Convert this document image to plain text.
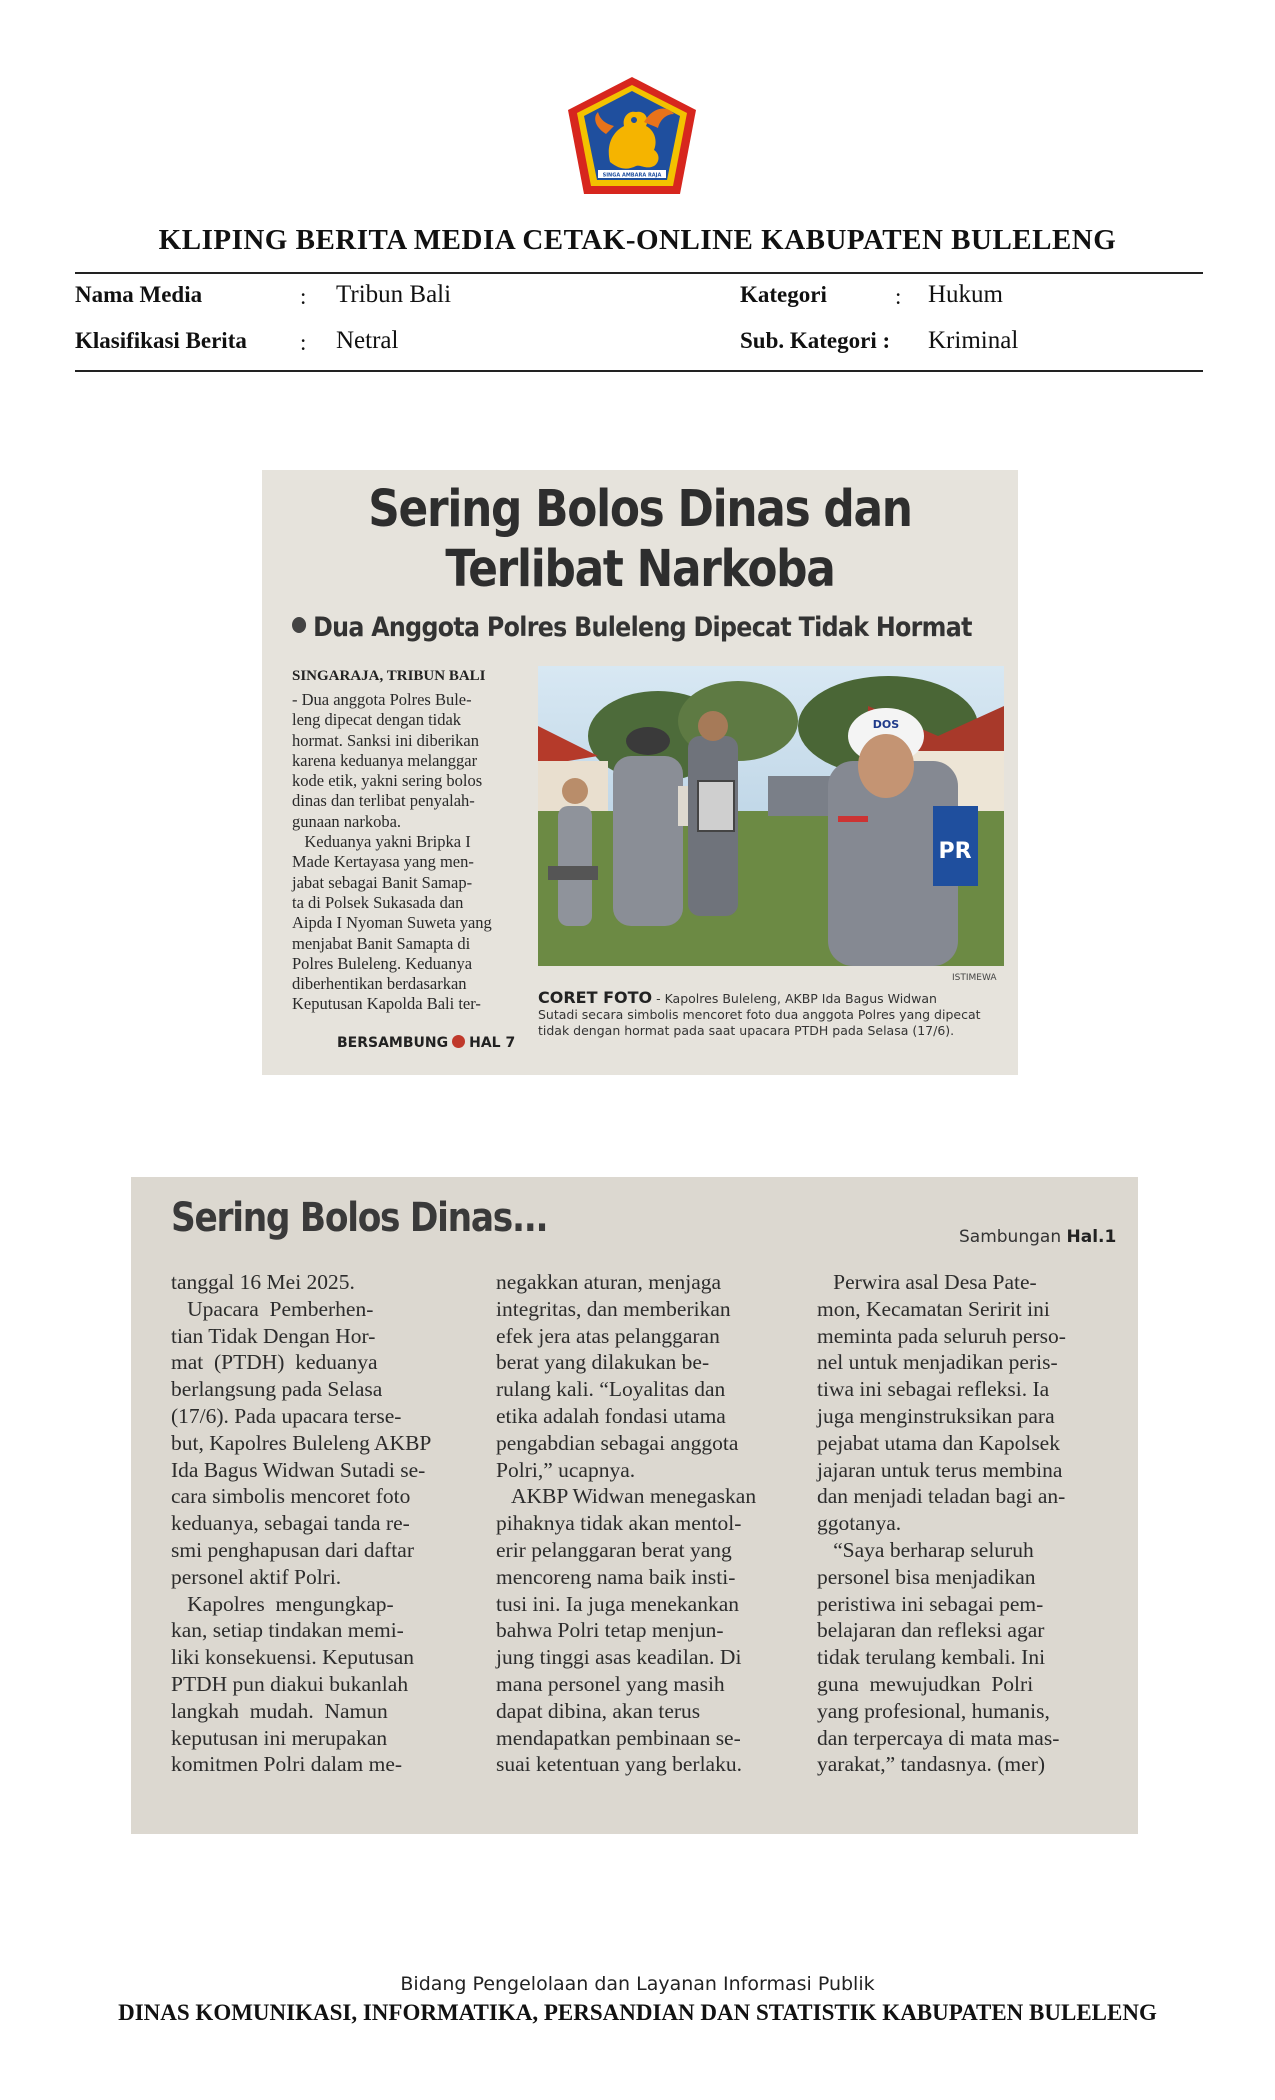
SINGA AMBARA RAJA
KLIPING BERITA MEDIA CETAK-ONLINE KABUPATEN BULELENG
Nama Media	: Tribun Bali	Kategori	: Hukum
Klasifikasi Berita : Netral	Sub. Kategori : Kriminal
Sering Bolos Dinas dan
Terlibat Narkoba
Dua Anggota Polres Buleleng Dipecat Tidak Hormat
SINGARAJA, TRIBUN BALI

- Dua anggota Polres Bule-

leng dipecat dengan tidak

hormat. Sanksi ini diberikan

karena keduanya melanggar

kode etik, yakni sering bolos

dinas dan terlibat penyalah-

gunaan narkoba.

Keduanya yakni Bripka I

Made Kertayasa yang men-

jabat sebagai Banit Samap-

ta di Polsek Sukasada dan

Aipda I Nyoman Suweta yang

menjabat Banit Samapta di

Polres Buleleng. Keduanya

diberhentikan berdasarkan

Keputusan Kapolda Bali ter-

BERSAMBUNG HAL 7
DOS
PR
ISTIMEWA

CORET FOTO - Kapolres Buleleng, AKBP Ida Bagus Widwan

Sutadi secara simbolis mencoret foto dua anggota Polres yang dipecat

tidak dengan hormat pada saat upacara PTDH pada Selasa (17/6).

Sering Bolos Dinas...	Sambungan Hal.1

tanggal 16 Mei 2025.

Upacara  Pemberhen-

tian Tidak Dengan Hor-

mat  (PTDH)  keduanya

berlangsung pada Selasa

(17/6). Pada upacara terse-

but, Kapolres Buleleng AKBP

Ida Bagus Widwan Sutadi se-

cara simbolis mencoret foto

keduanya, sebagai tanda re-

smi penghapusan dari daftar

personel aktif Polri.

Kapolres  mengungkap-

kan, setiap tindakan memi-

liki konsekuensi. Keputusan

PTDH pun diakui bukanlah

langkah  mudah.  Namun

keputusan ini merupakan

komitmen Polri dalam me-

negakkan aturan, menjaga

integritas, dan memberikan

efek jera atas pelanggaran

berat yang dilakukan be-

rulang kali. “Loyalitas dan

etika adalah fondasi utama

pengabdian sebagai anggota

Polri,” ucapnya.

AKBP Widwan menegaskan

pihaknya tidak akan mentol-

erir pelanggaran berat yang

mencoreng nama baik insti-

tusi ini. Ia juga menekankan

bahwa Polri tetap menjun-

jung tinggi asas keadilan. Di

mana personel yang masih

dapat dibina, akan terus

mendapatkan pembinaan se-

suai ketentuan yang berlaku.

Perwira asal Desa Pate-

mon, Kecamatan Seririt ini

meminta pada seluruh perso-

nel untuk menjadikan peris-

tiwa ini sebagai refleksi. Ia

juga menginstruksikan para

pejabat utama dan Kapolsek

jajaran untuk terus membina

dan menjadi teladan bagi an-

ggotanya.

“Saya berharap seluruh

personel bisa menjadikan

peristiwa ini sebagai pem-

belajaran dan refleksi agar

tidak terulang kembali. Ini

guna  mewujudkan  Polri

yang profesional, humanis,

dan terpercaya di mata mas-

yarakat,” tandasnya. (mer)

Bidang Pengelolaan dan Layanan Informasi Publik
DINAS KOMUNIKASI, INFORMATIKA, PERSANDIAN DAN STATISTIK KABUPATEN BULELENG
